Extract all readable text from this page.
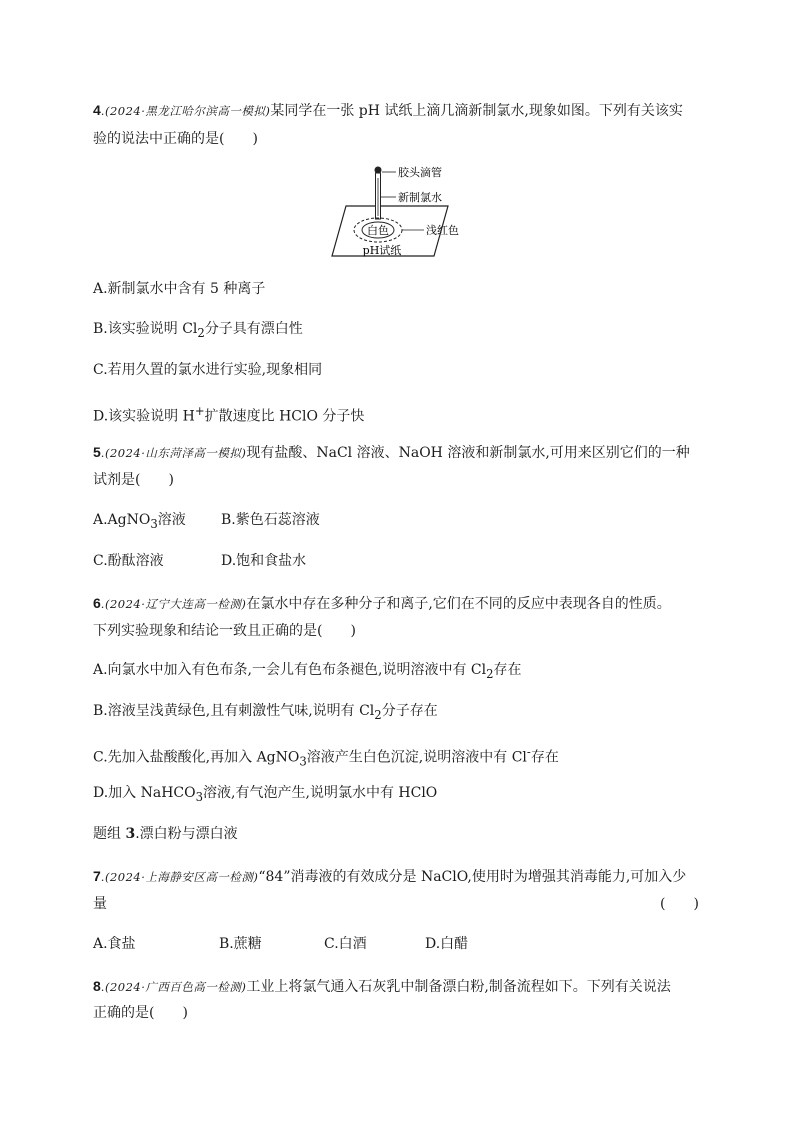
4.(2024·黑龙江哈尔滨高一模拟)某同学在一张 pH 试纸上滴几滴新制氯水,现象如图。下列有关该实
验的说法中正确的是(　　)
白色
胶头滴管
新制氯水
浅红色
pH试纸
A.新制氯水中含有 5 种离子
B.该实验说明 $Cl_2$分子具有漂白性
C.若用久置的氯水进行实验,现象相同
D.该实验说明 H+扩散速度比 HClO 分子快
5.(2024·山东菏泽高一模拟)现有盐酸、NaCl 溶液、NaOH 溶液和新制氯水,可用来区别它们的一种
试剂是(　　)
A.AgNO$_3$溶液	B.紫色石蕊溶液
C.酚酞溶液	D.饱和食盐水
6.(2024·辽宁大连高一检测)在氯水中存在多种分子和离子,它们在不同的反应中表现各自的性质。
下列实验现象和结论一致且正确的是(　　)
A.向氯水中加入有色布条,一会儿有色布条褪色,说明溶液中有 $Cl_2$存在
B.溶液呈浅黄绿色,且有刺激性气味,说明有 $Cl_2$分子存在
C.先加入盐酸酸化,再加入 AgNO$_3$溶液产生白色沉淀,说明溶液中有 Cl-存在
D.加入 NaHCO$_3$溶液,有气泡产生,说明氯水中有 HClO
题组 3.漂白粉与漂白液
7.(2024·上海静安区高一检测)“84”消毒液的有效成分是 NaClO,使用时为增强其消毒能力,可加入少
量	(　　)
A.食盐	B.蔗糖	C.白酒	D.白醋
8.(2024·广西百色高一检测)工业上将氯气通入石灰乳中制备漂白粉,制备流程如下。下列有关说法
正确的是(　　)
